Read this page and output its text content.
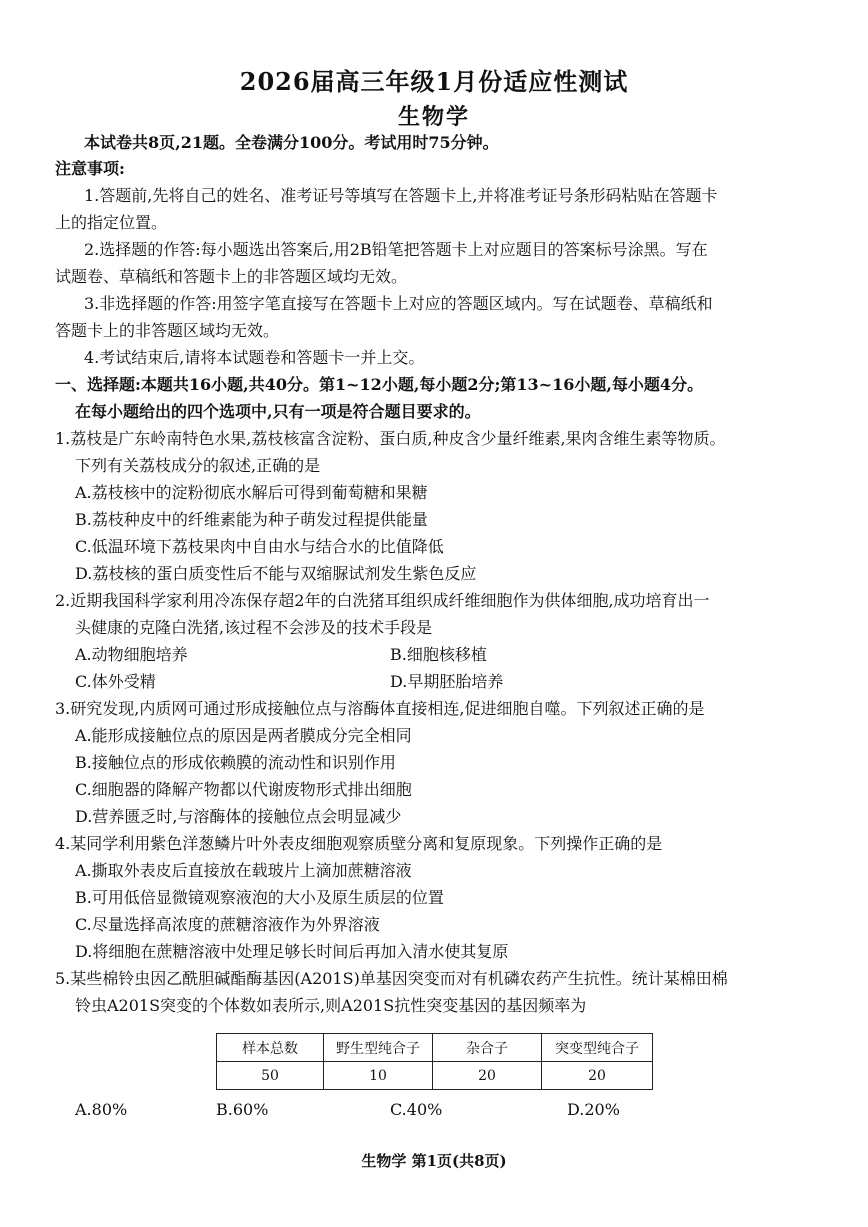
2026届高三年级1月份适应性测试
生物学
本试卷共8页,21题。全卷满分100分。考试用时75分钟。
注意事项:
1.答题前,先将自己的姓名、准考证号等填写在答题卡上,并将准考证号条形码粘贴在答题卡
上的指定位置。
2.选择题的作答:每小题选出答案后,用2B铅笔把答题卡上对应题目的答案标号涂黑。写在
试题卷、草稿纸和答题卡上的非答题区域均无效。
3.非选择题的作答:用签字笔直接写在答题卡上对应的答题区域内。写在试题卷、草稿纸和
答题卡上的非答题区域均无效。
4.考试结束后,请将本试题卷和答题卡一并上交。
一、选择题:本题共16小题,共40分。第1~12小题,每小题2分;第13~16小题,每小题4分。
在每小题给出的四个选项中,只有一项是符合题目要求的。
1.荔枝是广东岭南特色水果,荔枝核富含淀粉、蛋白质,种皮含少量纤维素,果肉含维生素等物质。
下列有关荔枝成分的叙述,正确的是
A.荔枝核中的淀粉彻底水解后可得到葡萄糖和果糖
B.荔枝种皮中的纤维素能为种子萌发过程提供能量
C.低温环境下荔枝果肉中自由水与结合水的比值降低
D.荔枝核的蛋白质变性后不能与双缩脲试剂发生紫色反应
2.近期我国科学家利用冷冻保存超2年的白洗猪耳组织成纤维细胞作为供体细胞,成功培育出一
头健康的克隆白洗猪,该过程不会涉及的技术手段是
A.动物细胞培养	B.细胞核移植
C.体外受精	D.早期胚胎培养
3.研究发现,内质网可通过形成接触位点与溶酶体直接相连,促进细胞自噬。下列叙述正确的是
A.能形成接触位点的原因是两者膜成分完全相同
B.接触位点的形成依赖膜的流动性和识别作用
C.细胞器的降解产物都以代谢废物形式排出细胞
D.营养匮乏时,与溶酶体的接触位点会明显减少
4.某同学利用紫色洋葱鳞片叶外表皮细胞观察质壁分离和复原现象。下列操作正确的是
A.撕取外表皮后直接放在载玻片上滴加蔗糖溶液
B.可用低倍显微镜观察液泡的大小及原生质层的位置
C.尽量选择高浓度的蔗糖溶液作为外界溶液
D.将细胞在蔗糖溶液中处理足够长时间后再加入清水使其复原
5.某些棉铃虫因乙酰胆碱酯酶基因(A201S)单基因突变而对有机磷农药产生抗性。统计某棉田棉
铃虫A201S突变的个体数如表所示,则A201S抗性突变基因的基因频率为
样本总数	野生型纯合子	杂合子	突变型纯合子
50	10	20	20
A.80%	B.60%	C.40%	D.20%
生物学 第1页(共8页)
